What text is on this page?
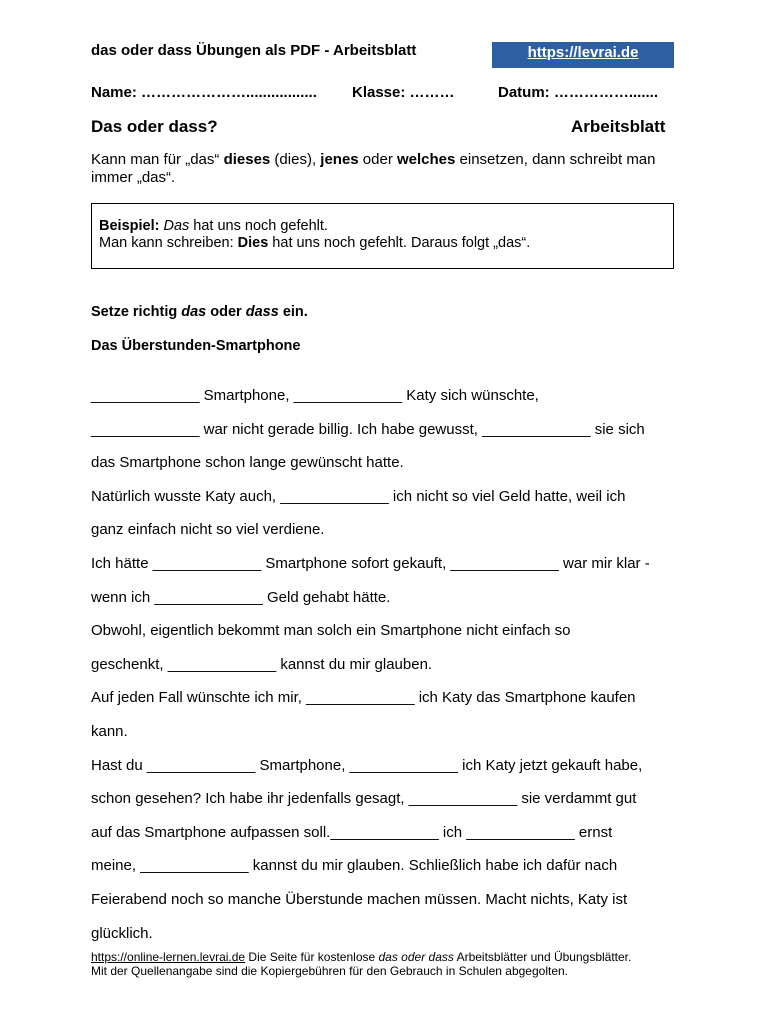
das oder dass Übungen als PDF - Arbeitsblatt	https://levrai.de
Name: …………………................. Klasse: ………	Datum: …………….......
Das oder dass?	Arbeitsblatt
Kann man für „das“ dieses (dies), jenes oder welches einsetzen, dann schreibt man immer „das“.
Beispiel: Das hat uns noch gefehlt.
Man kann schreiben: Dies hat uns noch gefehlt. Daraus folgt „das“.
Setze richtig das oder dass ein.
Das Überstunden-Smartphone
_____________ Smartphone, _____________ Katy sich wünschte,
_____________ war nicht gerade billig. Ich habe gewusst, _____________ sie sich
das Smartphone schon lange gewünscht hatte.
Natürlich wusste Katy auch, _____________ ich nicht so viel Geld hatte, weil ich
ganz einfach nicht so viel verdiene.
Ich hätte _____________ Smartphone sofort gekauft, _____________ war mir klar -
wenn ich _____________ Geld gehabt hätte.
Obwohl, eigentlich bekommt man solch ein Smartphone nicht einfach so
geschenkt, _____________ kannst du mir glauben.
Auf jeden Fall wünschte ich mir, _____________ ich Katy das Smartphone kaufen
kann.
Hast du _____________ Smartphone, _____________ ich Katy jetzt gekauft habe,
schon gesehen? Ich habe ihr jedenfalls gesagt, _____________ sie verdammt gut
auf das Smartphone aufpassen soll._____________ ich _____________ ernst
meine, _____________ kannst du mir glauben. Schließlich habe ich dafür nach
Feierabend noch so manche Überstunde machen müssen. Macht nichts, Katy ist
glücklich.
https://online-lernen.levrai.de Die Seite für kostenlose das oder dass Arbeitsblätter und Übungsblätter.
Mit der Quellenangabe sind die Kopiergebühren für den Gebrauch in Schulen abgegolten.
